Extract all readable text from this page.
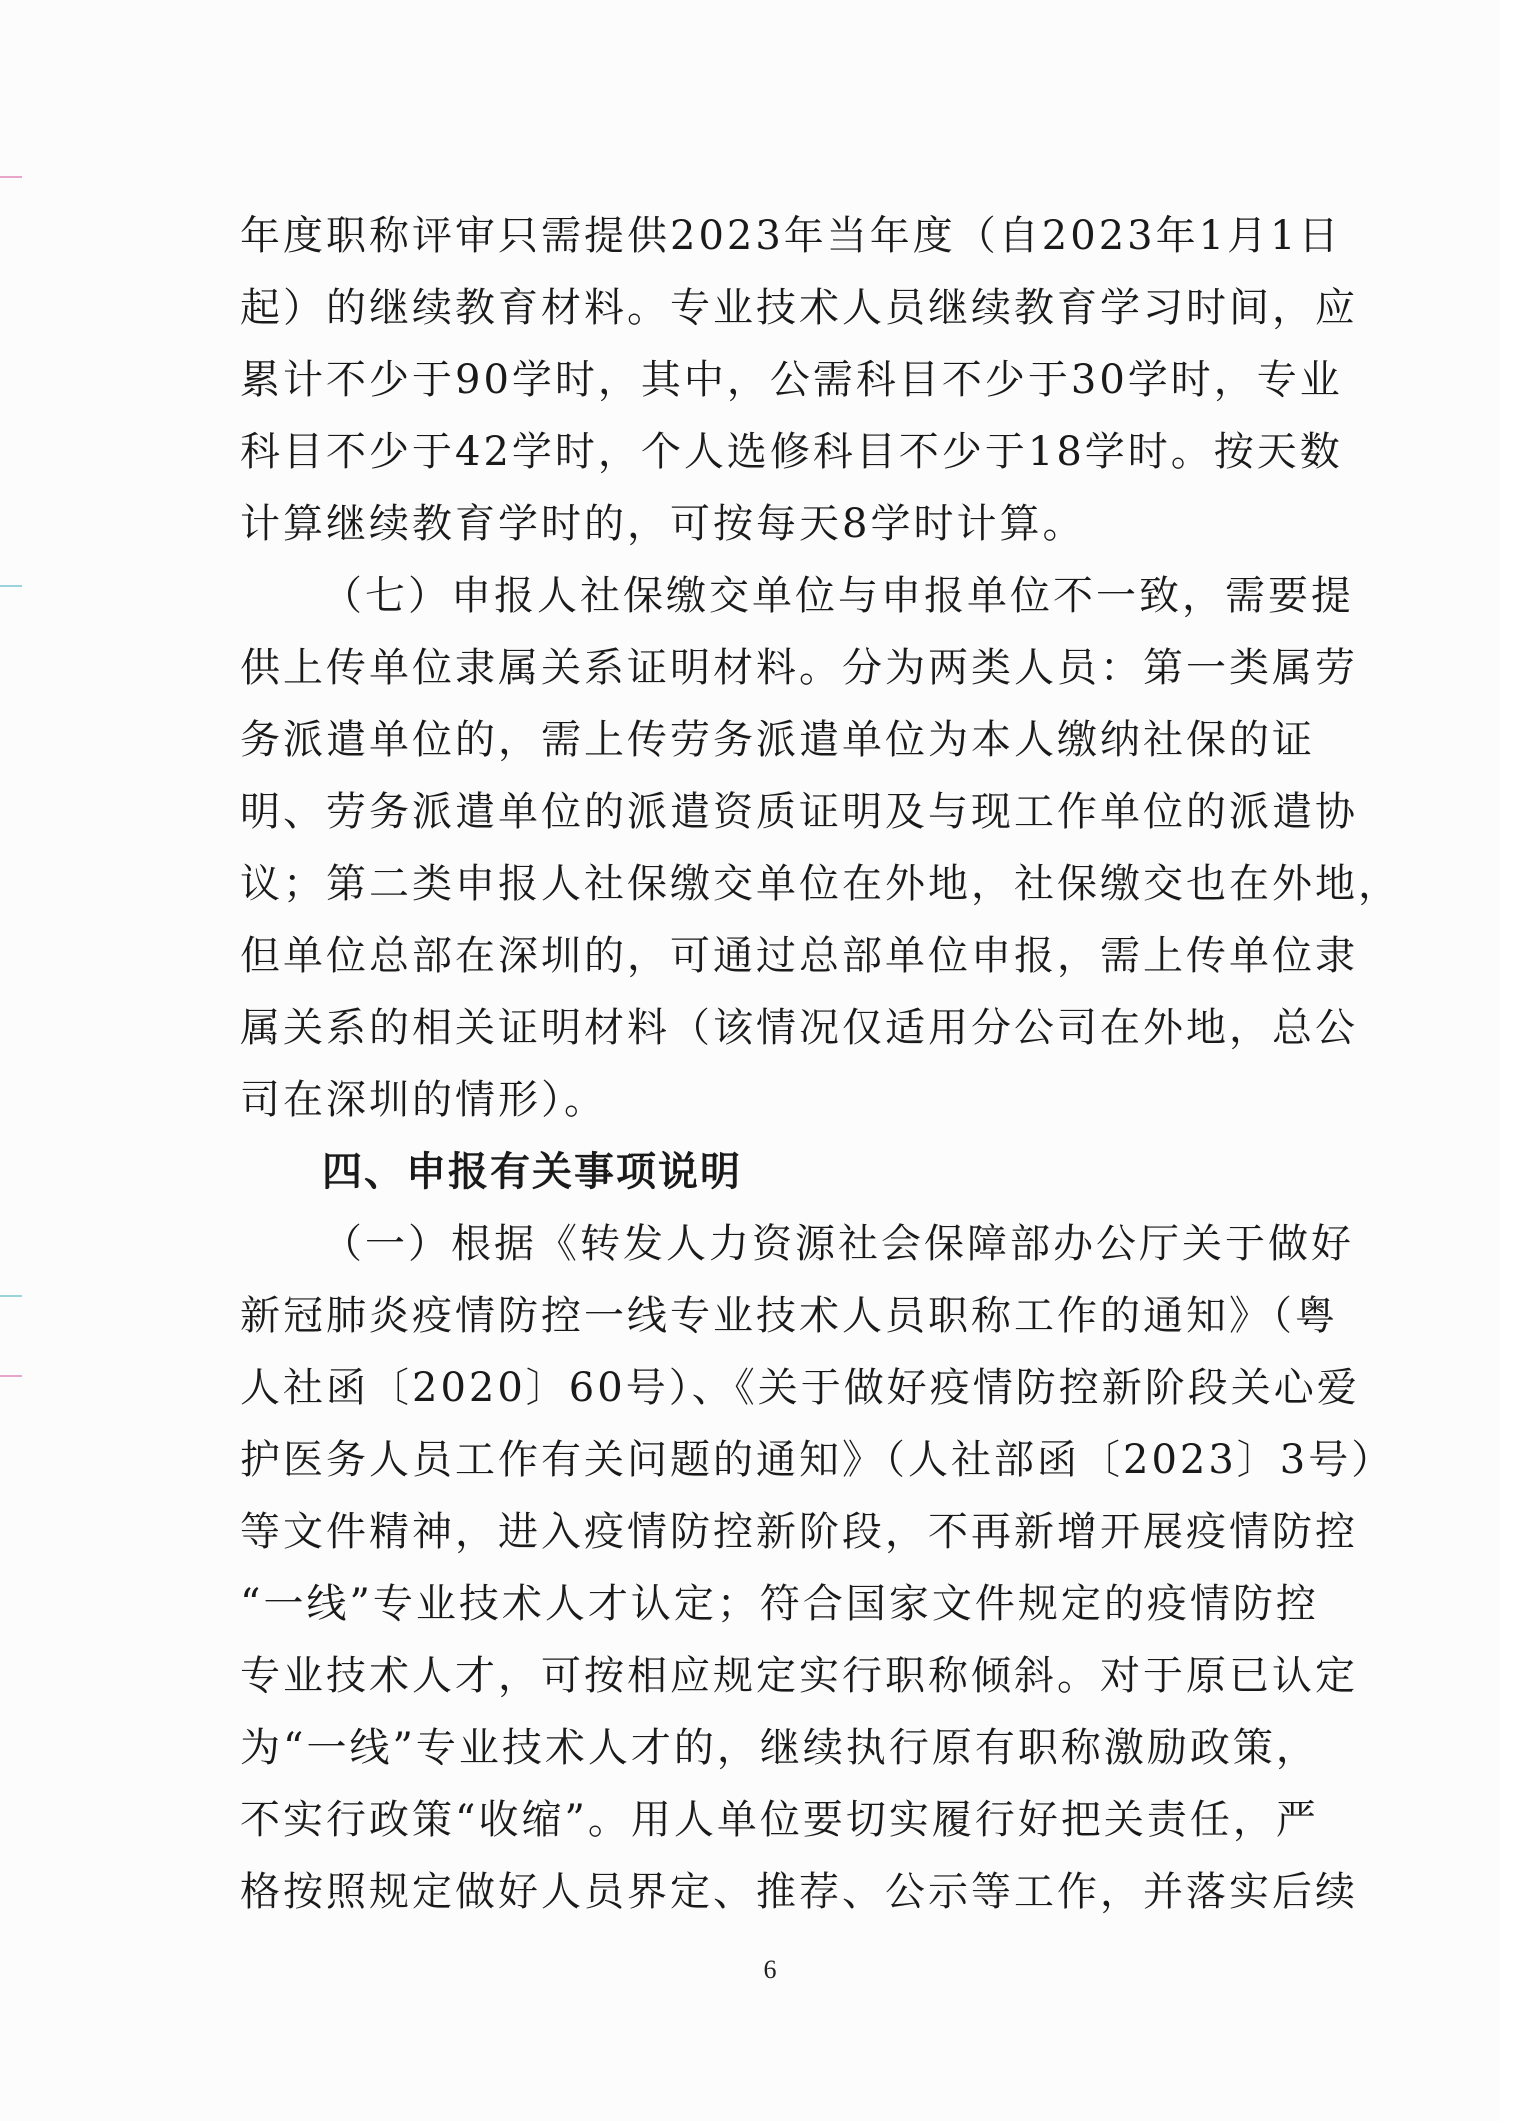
年度职称评审只需提供2023年当年度（自2023年1月1日
起）的继续教育材料。专业技术人员继续教育学习时间，应
累计不少于90学时，其中，公需科目不少于30学时，专业
科目不少于42学时，个人选修科目不少于18学时。按天数
计算继续教育学时的，可按每天8学时计算。
（七）申报人社保缴交单位与申报单位不一致，需要提
供上传单位隶属关系证明材料。分为两类人员：第一类属劳
务派遣单位的，需上传劳务派遣单位为本人缴纳社保的证
明、劳务派遣单位的派遣资质证明及与现工作单位的派遣协
议；第二类申报人社保缴交单位在外地，社保缴交也在外地，
但单位总部在深圳的，可通过总部单位申报，需上传单位隶
属关系的相关证明材料（该情况仅适用分公司在外地，总公
司在深圳的情形）。
四、申报有关事项说明
（一）根据《转发人力资源社会保障部办公厅关于做好
新冠肺炎疫情防控一线专业技术人员职称工作的通知》（粤
人社函〔2020〕60号）、《关于做好疫情防控新阶段关心爱
护医务人员工作有关问题的通知》（人社部函〔2023〕3号）
等文件精神，进入疫情防控新阶段，不再新增开展疫情防控
“一线”专业技术人才认定；符合国家文件规定的疫情防控
专业技术人才，可按相应规定实行职称倾斜。对于原已认定
为“一线”专业技术人才的，继续执行原有职称激励政策，
不实行政策“收缩”。用人单位要切实履行好把关责任，严
格按照规定做好人员界定、推荐、公示等工作，并落实后续
6
